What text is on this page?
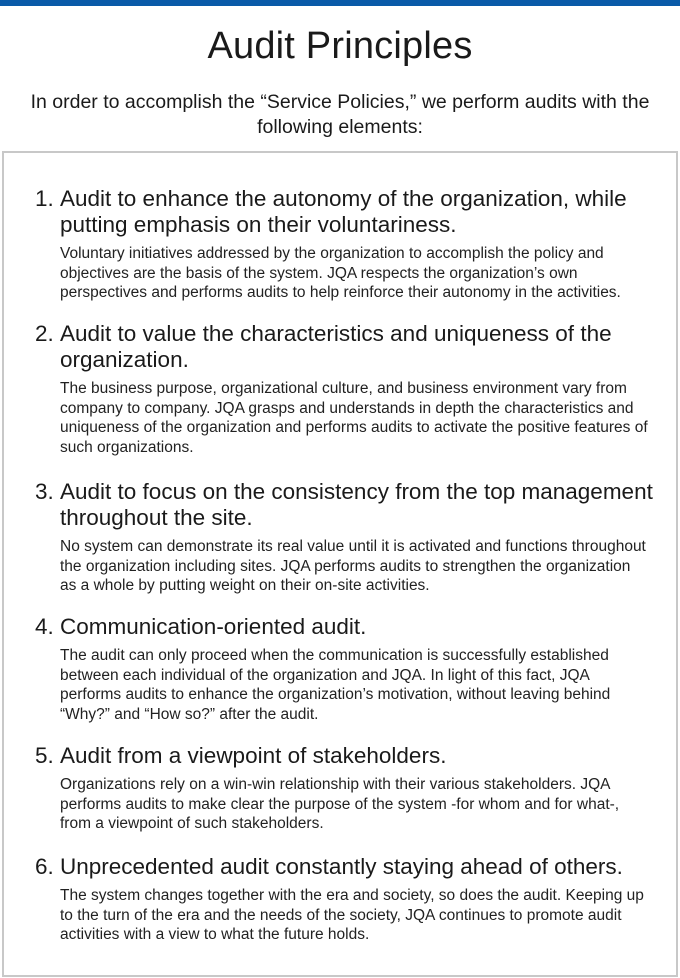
Audit Principles

In order to accomplish the “Service Policies,” we perform audits with the following elements:

1. Audit to enhance the autonomy of the organization, while putting emphasis on their voluntariness.
Voluntary initiatives addressed by the organization to accomplish the policy and objectives are the basis of the system. JQA respects the organization’s own perspectives and performs audits to help reinforce their autonomy in the activities.
2. Audit to value the characteristics and uniqueness of the organization.
The business purpose, organizational culture, and business environment vary from company to company. JQA grasps and understands in depth the characteristics and uniqueness of the organization and performs audits to activate the positive features of such organizations.
3. Audit to focus on the consistency from the top management throughout the site.
No system can demonstrate its real value until it is activated and functions throughout the organization including sites. JQA performs audits to strengthen the organization as a whole by putting weight on their on-site activities.
4. Communication-oriented audit.
The audit can only proceed when the communication is successfully established between each individual of the organization and JQA. In light of this fact, JQA performs audits to enhance the organization’s motivation, without leaving behind “Why?” and “How so?” after the audit.
5. Audit from a viewpoint of stakeholders.
Organizations rely on a win-win relationship with their various stakeholders. JQA performs audits to make clear the purpose of the system -for whom and for what-, from a viewpoint of such stakeholders.
6. Unprecedented audit constantly staying ahead of others.
The system changes together with the era and society, so does the audit. Keeping up to the turn of the era and the needs of the society, JQA continues to promote audit activities with a view to what the future holds.
